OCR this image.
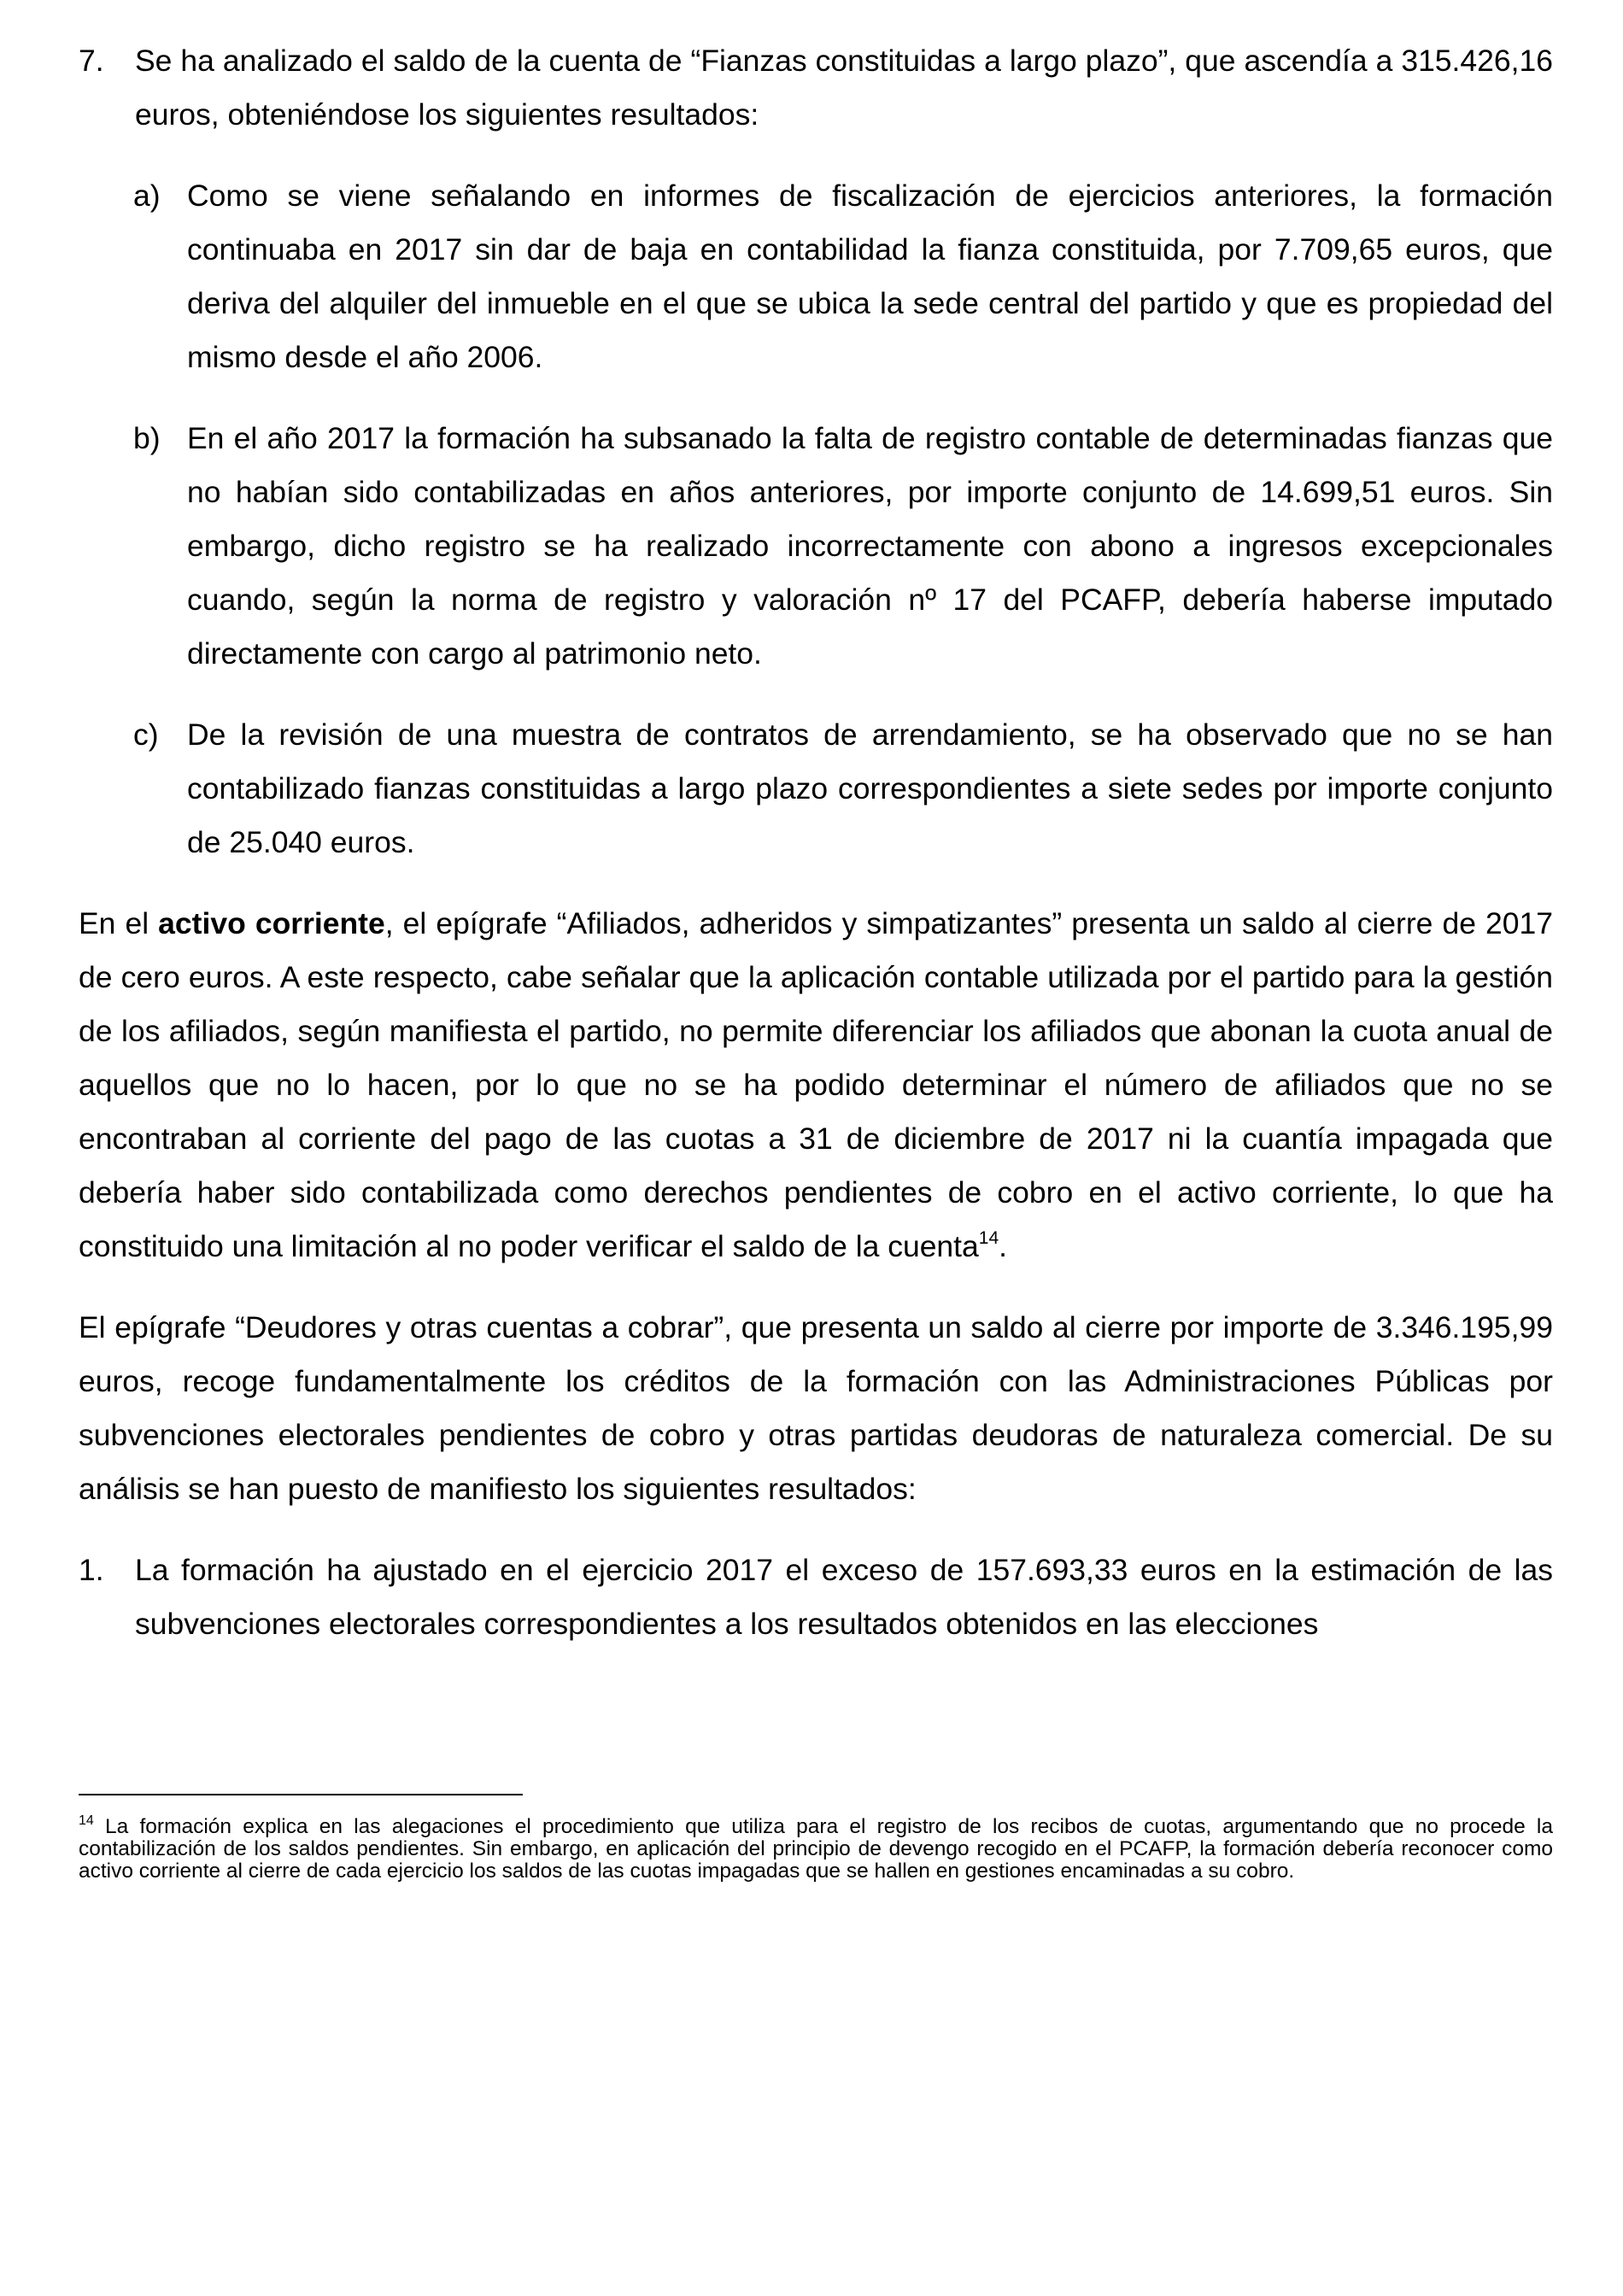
7. Se ha analizado el saldo de la cuenta de “Fianzas constituidas a largo plazo”, que ascendía a 315.426,16 euros, obteniéndose los siguientes resultados:
a) Como se viene señalando en informes de fiscalización de ejercicios anteriores, la formación continuaba en 2017 sin dar de baja en contabilidad la fianza constituida, por 7.709,65 euros, que deriva del alquiler del inmueble en el que se ubica la sede central del partido y que es propiedad del mismo desde el año 2006.
b) En el año 2017 la formación ha subsanado la falta de registro contable de determinadas fianzas que no habían sido contabilizadas en años anteriores, por importe conjunto de 14.699,51 euros. Sin embargo, dicho registro se ha realizado incorrectamente con abono a ingresos excepcionales cuando, según la norma de registro y valoración nº 17 del PCAFP, debería haberse imputado directamente con cargo al patrimonio neto.
c) De la revisión de una muestra de contratos de arrendamiento, se ha observado que no se han contabilizado fianzas constituidas a largo plazo correspondientes a siete sedes por importe conjunto de 25.040 euros.

En el activo corriente, el epígrafe “Afiliados, adheridos y simpatizantes” presenta un saldo al cierre de 2017 de cero euros. A este respecto, cabe señalar que la aplicación contable utilizada por el partido para la gestión de los afiliados, según manifiesta el partido, no permite diferenciar los afiliados que abonan la cuota anual de aquellos que no lo hacen, por lo que no se ha podido determinar el número de afiliados que no se encontraban al corriente del pago de las cuotas a 31 de diciembre de 2017 ni la cuantía impagada que debería haber sido contabilizada como derechos pendientes de cobro en el activo corriente, lo que ha constituido una limitación al no poder verificar el saldo de la cuenta$^{14}$.

El epígrafe “Deudores y otras cuentas a cobrar”, que presenta un saldo al cierre por importe de 3.346.195,99 euros, recoge fundamentalmente los créditos de la formación con las Administraciones Públicas por subvenciones electorales pendientes de cobro y otras partidas deudoras de naturaleza comercial. De su análisis se han puesto de manifiesto los siguientes resultados:

1. La formación ha ajustado en el ejercicio 2017 el exceso de 157.693,33 euros en la estimación de las subvenciones electorales correspondientes a los resultados obtenidos en las elecciones

$^{14}$ La formación explica en las alegaciones el procedimiento que utiliza para el registro de los recibos de cuotas, argumentando que no procede la contabilización de los saldos pendientes. Sin embargo, en aplicación del principio de devengo recogido en el PCAFP, la formación debería reconocer como activo corriente al cierre de cada ejercicio los saldos de las cuotas impagadas que se hallen en gestiones encaminadas a su cobro.
